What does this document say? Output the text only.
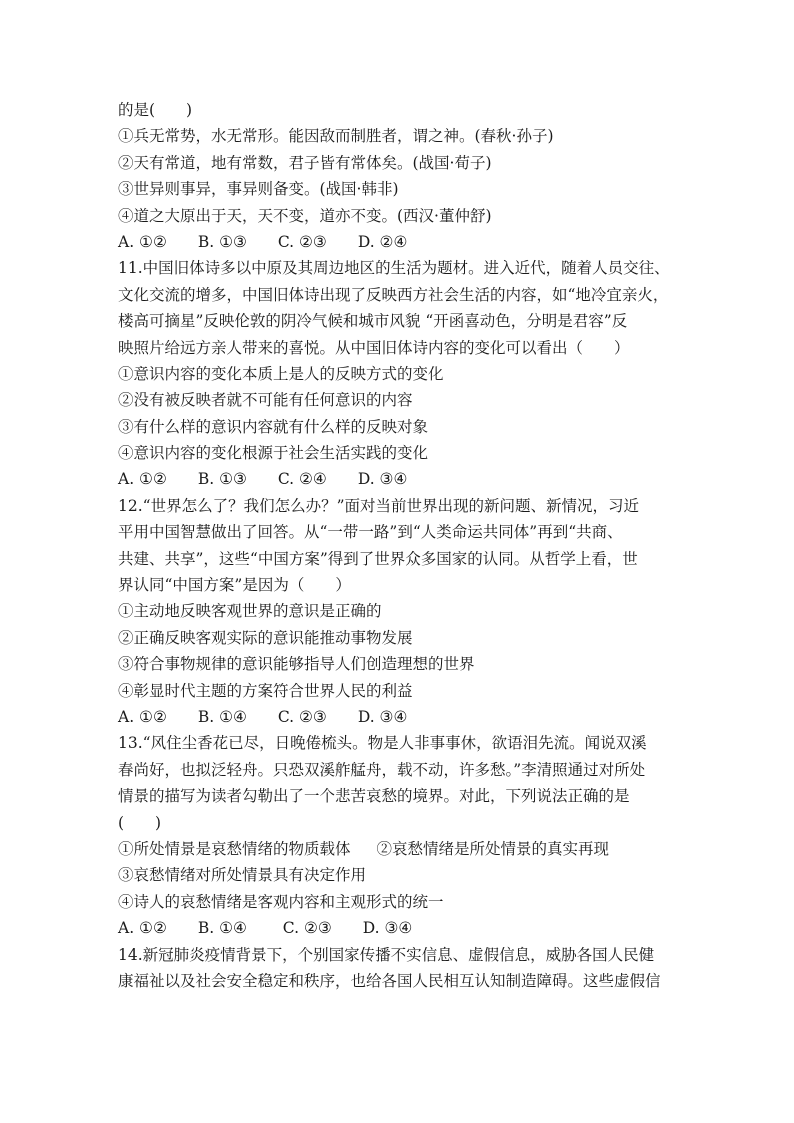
的是(　　)
①兵无常势，水无常形。能因敌而制胜者，谓之神。(春秋·孙子)
②天有常道，地有常数，君子皆有常体矣。(战国·荀子)
③世异则事异，事异则备变。(战国·韩非)
④道之大原出于天，天不变，道亦不变。(西汉·董仲舒)
A. ①②　　B. ①③　　C. ②③　　D. ②④
11.中国旧体诗多以中原及其周边地区的生活为题材。进入近代，随着人员交往、
文化交流的增多，中国旧体诗出现了反映西方社会生活的内容，如“地冷宜亲火，
楼高可摘星”反映伦敦的阴冷气候和城市风貌 “开函喜动色，分明是君容”反
映照片给远方亲人带来的喜悦。从中国旧体诗内容的变化可以看出（　　）
①意识内容的变化本质上是人的反映方式的变化
②没有被反映者就不可能有任何意识的内容
③有什么样的意识内容就有什么样的反映对象
④意识内容的变化根源于社会生活实践的变化
A. ①②　　B. ①③　　C. ②④　　D. ③④
12.“世界怎么了？我们怎么办？”面对当前世界出现的新问题、新情况，习近
平用中国智慧做出了回答。从“一带一路”到“人类命运共同体”再到“共商、
共建、共享”，这些“中国方案”得到了世界众多国家的认同。从哲学上看，世
界认同“中国方案”是因为（　　）
①主动地反映客观世界的意识是正确的
②正确反映客观实际的意识能推动事物发展
③符合事物规律的意识能够指导人们创造理想的世界
④彰显时代主题的方案符合世界人民的利益
A. ①②　　B. ①④　　C. ②③　　D. ③④
13.“风住尘香花已尽，日晚倦梳头。物是人非事事休，欲语泪先流。闻说双溪
春尚好，也拟泛轻舟。只恐双溪舴艋舟，载不动，许多愁。”李清照通过对所处
情景的描写为读者勾勒出了一个悲苦哀愁的境界。对此，下列说法正确的是
(　　)
①所处情景是哀愁情绪的物质载体 ②哀愁情绪是所处情景的真实再现
③哀愁情绪对所处情景具有决定作用
④诗人的哀愁情绪是客观内容和主观形式的统一
A. ①②　　B. ①④　　 C. ②③　　D. ③④
14.新冠肺炎疫情背景下，个别国家传播不实信息、虚假信息，威胁各国人民健
康福祉以及社会安全稳定和秩序，也给各国人民相互认知制造障碍。这些虚假信
